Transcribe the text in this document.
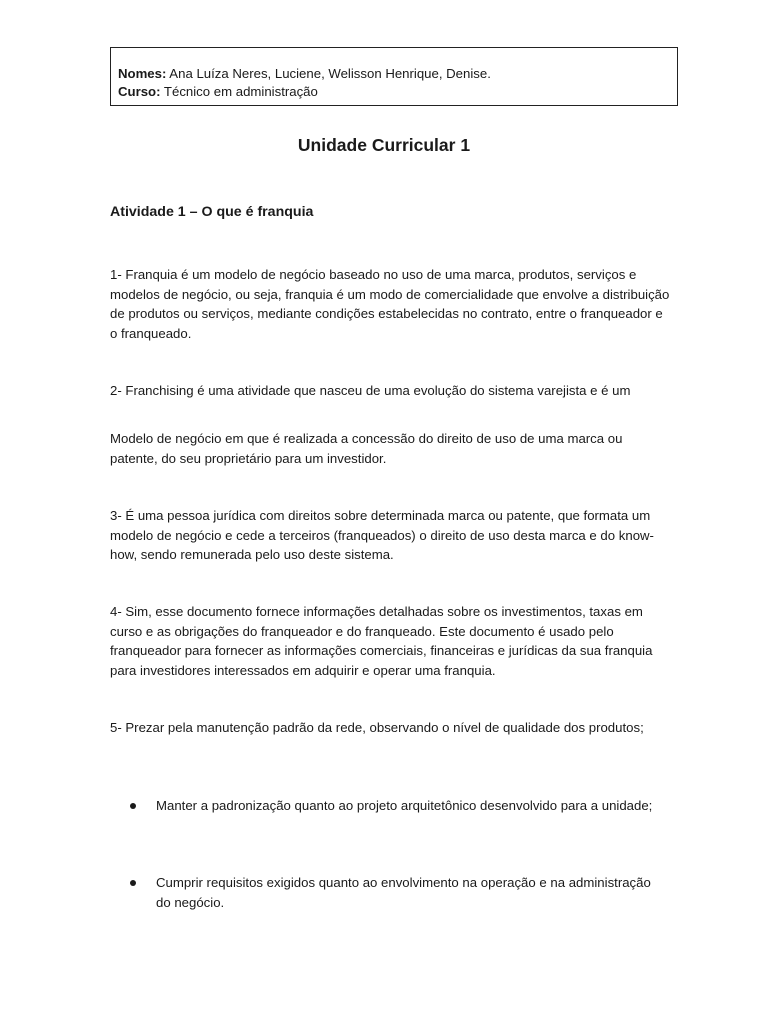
Nomes: Ana Luíza Neres, Luciene, Welisson Henrique, Denise.
Curso: Técnico em administração
Unidade Curricular 1
Atividade 1 – O que é franquia

1- Franquia é um modelo de negócio baseado no uso de uma marca, produtos, serviços e modelos de negócio, ou seja, franquia é um modo de comercialidade que envolve a distribuição de produtos ou serviços, mediante condições estabelecidas no contrato, entre o franqueador e o franqueado.

2- Franchising é uma atividade que nasceu de uma evolução do sistema varejista e é um

Modelo de negócio em que é realizada a concessão do direito de uso de uma marca ou patente, do seu proprietário para um investidor.

3- É uma pessoa jurídica com direitos sobre determinada marca ou patente, que formata um modelo de negócio e cede a terceiros (franqueados) o direito de uso desta marca e do know-how, sendo remunerada pelo uso deste sistema.

4- Sim, esse documento fornece informações detalhadas sobre os investimentos, taxas em curso e as obrigações do franqueador e do franqueado. Este documento é usado pelo franqueador para fornecer as informações comerciais, financeiras e jurídicas da sua franquia para investidores interessados em adquirir e operar uma franquia.

5- Prezar pela manutenção padrão da rede, observando o nível de qualidade dos produtos;

Manter a padronização quanto ao projeto arquitetônico desenvolvido para a unidade;
Cumprir requisitos exigidos quanto ao envolvimento na operação e na administração do negócio.
